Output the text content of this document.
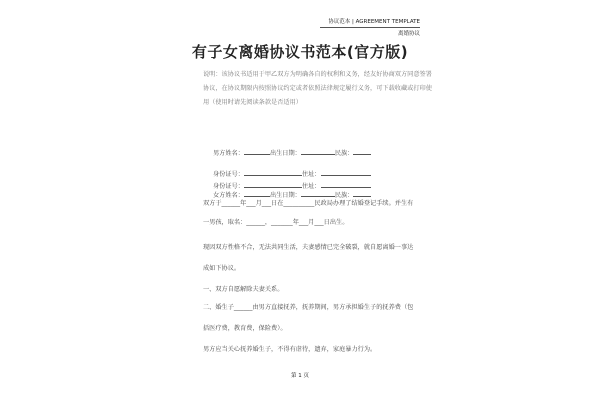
协议范本 | AGREEMENT TEMPLATE
离婚协议
有子女离婚协议书范本(官方版)
说明：该协议书适用于甲乙双方为明确各自的权利和义务，经友好协商双方同意签署协议，在协议期限内按照协议约定或者依照法律规定履行义务，可下载收藏或打印使用（使用时请先阅读条款是否适用）
男方姓名：	出生日期：	民族：
身份证号：	住址：
女方姓名：	出生日期：	民族：
身份证号：	住址：
双方于______年___月___日在__________民政局办理了结婚登记手续。并生有一男孩，取名：______，_______年___月___日出生。
现因双方性格不合，无法共同生活，夫妻感情已完全破裂，就自愿离婚一事达成如下协议。
一、双方自愿解除夫妻关系。
二、婚生子______由男方直接抚养，抚养期间，男方承担婚生子的抚养费（包括医疗费，教育费，保险费）。
男方应当关心抚养婚生子，不得有虐待，遗弃，家庭暴力行为。
第 1 页
